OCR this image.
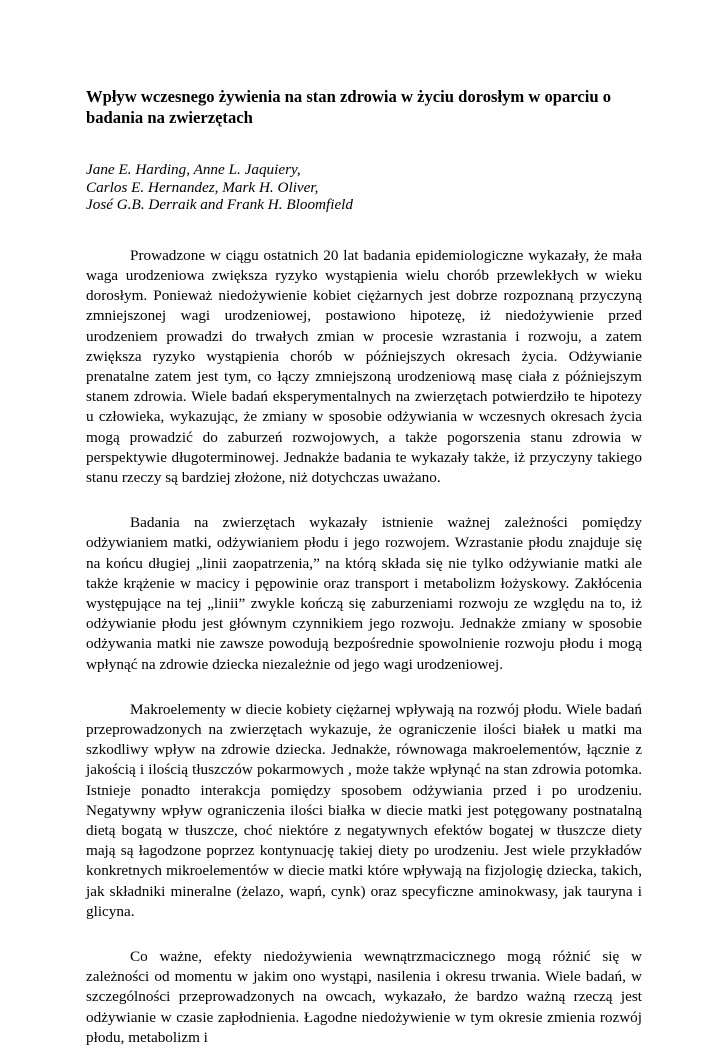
Wpływ wczesnego żywienia na stan zdrowia w życiu dorosłym w oparciu o badania na zwierzętach
Jane E. Harding, Anne L. Jaquiery,
Carlos E. Hernandez, Mark H. Oliver,
José G.B. Derraik and Frank H. Bloomfield

Prowadzone w ciągu ostatnich 20 lat badania epidemiologiczne wykazały, że mała waga urodzeniowa zwiększa ryzyko wystąpienia wielu chorób przewlekłych w wieku dorosłym. Ponieważ niedożywienie kobiet ciężarnych jest dobrze rozpoznaną przyczyną zmniejszonej wagi urodzeniowej, postawiono hipotezę, iż niedożywienie przed urodzeniem prowadzi do trwałych zmian w procesie wzrastania i rozwoju, a zatem zwiększa ryzyko wystąpienia chorób w późniejszych okresach życia. Odżywianie prenatalne zatem jest tym, co łączy zmniejszoną urodzeniową masę ciała z późniejszym stanem zdrowia. Wiele badań eksperymentalnych na zwierzętach potwierdziło te hipotezy u człowieka, wykazując, że zmiany w sposobie odżywiania w wczesnych okresach życia mogą prowadzić do zaburzeń rozwojowych, a także pogorszenia stanu zdrowia w perspektywie długoterminowej. Jednakże badania te wykazały także, iż przyczyny takiego stanu rzeczy są bardziej złożone, niż dotychczas uważano.

Badania na zwierzętach wykazały istnienie ważnej zależności pomiędzy odżywianiem matki, odżywianiem płodu i jego rozwojem. Wzrastanie płodu znajduje się na końcu długiej „linii zaopatrzenia,” na którą składa się nie tylko odżywianie matki ale także krążenie w macicy i pępowinie oraz transport i metabolizm łożyskowy. Zakłócenia występujące na tej „linii” zwykle kończą się zaburzeniami rozwoju ze względu na to, iż odżywianie płodu jest głównym czynnikiem jego rozwoju. Jednakże zmiany w sposobie odżywania matki nie zawsze powodują bezpośrednie spowolnienie rozwoju płodu i mogą wpłynąć na zdrowie dziecka niezależnie od jego wagi urodzeniowej.

Makroelementy w diecie kobiety ciężarnej wpływają na rozwój płodu. Wiele badań przeprowadzonych na zwierzętach wykazuje, że ograniczenie ilości białek u matki ma szkodliwy wpływ na zdrowie dziecka. Jednakże, równowaga makroelementów, łącznie z jakością i ilością tłuszczów pokarmowych , może także wpłynąć na stan zdrowia potomka. Istnieje ponadto interakcja pomiędzy sposobem odżywiania przed i po urodzeniu. Negatywny wpływ ograniczenia ilości białka w diecie matki jest potęgowany postnatalną dietą bogatą w tłuszcze, choć niektóre z negatywnych efektów bogatej w tłuszcze diety mają są łagodzone poprzez kontynuację takiej diety po urodzeniu. Jest wiele przykładów konkretnych mikroelementów w diecie matki które wpływają na fizjologię dziecka, takich, jak składniki mineralne (żelazo, wapń, cynk) oraz specyficzne aminokwasy, jak tauryna i glicyna.

Co ważne, efekty niedożywienia wewnątrzmacicznego mogą różnić się w zależności od momentu w jakim ono wystąpi, nasilenia i okresu trwania. Wiele badań, w szczególności przeprowadzonych na owcach, wykazało, że bardzo ważną rzeczą jest odżywianie w czasie zapłodnienia. Łagodne niedożywienie w tym okresie zmienia rozwój płodu, metabolizm i
